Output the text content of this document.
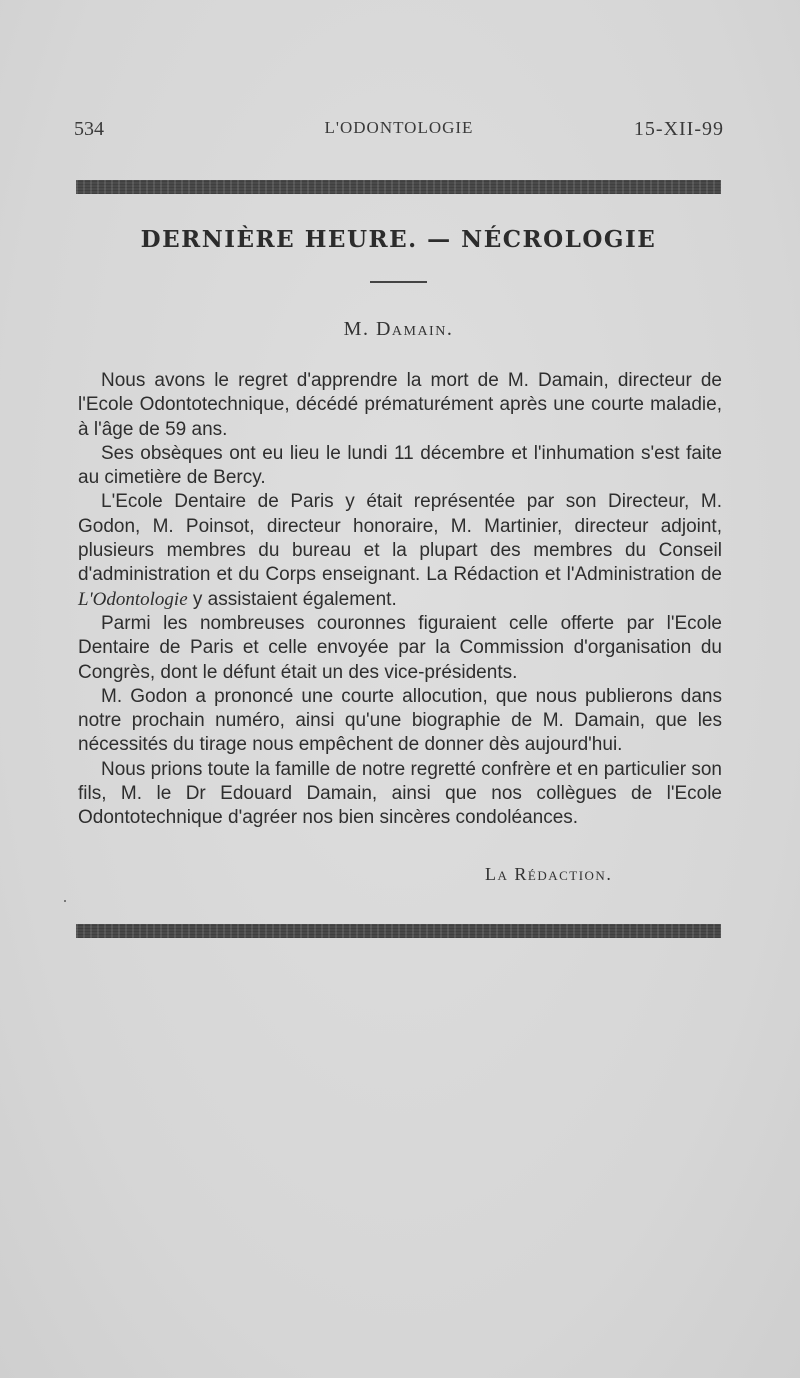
534	L'ODONTOLOGIE	15-XII-99
DERNIÈRE HEURE. — NÉCROLOGIE
M. Damain.

Nous avons le regret d'apprendre la mort de M. Damain, directeur de l'Ecole Odontotechnique, décédé prématurément après une courte maladie, à l'âge de 59 ans.

Ses obsèques ont eu lieu le lundi 11 décembre et l'inhumation s'est faite au cimetière de Bercy.

L'Ecole Dentaire de Paris y était représentée par son Directeur, M. Godon, M. Poinsot, directeur honoraire, M. Martinier, directeur adjoint, plusieurs membres du bureau et la plupart des membres du Conseil d'administration et du Corps enseignant. La Rédaction et l'Administration de L'Odontologie y assistaient également.

Parmi les nombreuses couronnes figuraient celle offerte par l'Ecole Dentaire de Paris et celle envoyée par la Commission d'organisation du Congrès, dont le défunt était un des vice-présidents.

M. Godon a prononcé une courte allocution, que nous publierons dans notre prochain numéro, ainsi qu'une biographie de M. Damain, que les nécessités du tirage nous empêchent de donner dès aujourd'hui.

Nous prions toute la famille de notre regretté confrère et en particulier son fils, M. le Dr Edouard Damain, ainsi que nos collègues de l'Ecole Odontotechnique d'agréer nos bien sincères condoléances.

La Rédaction.
